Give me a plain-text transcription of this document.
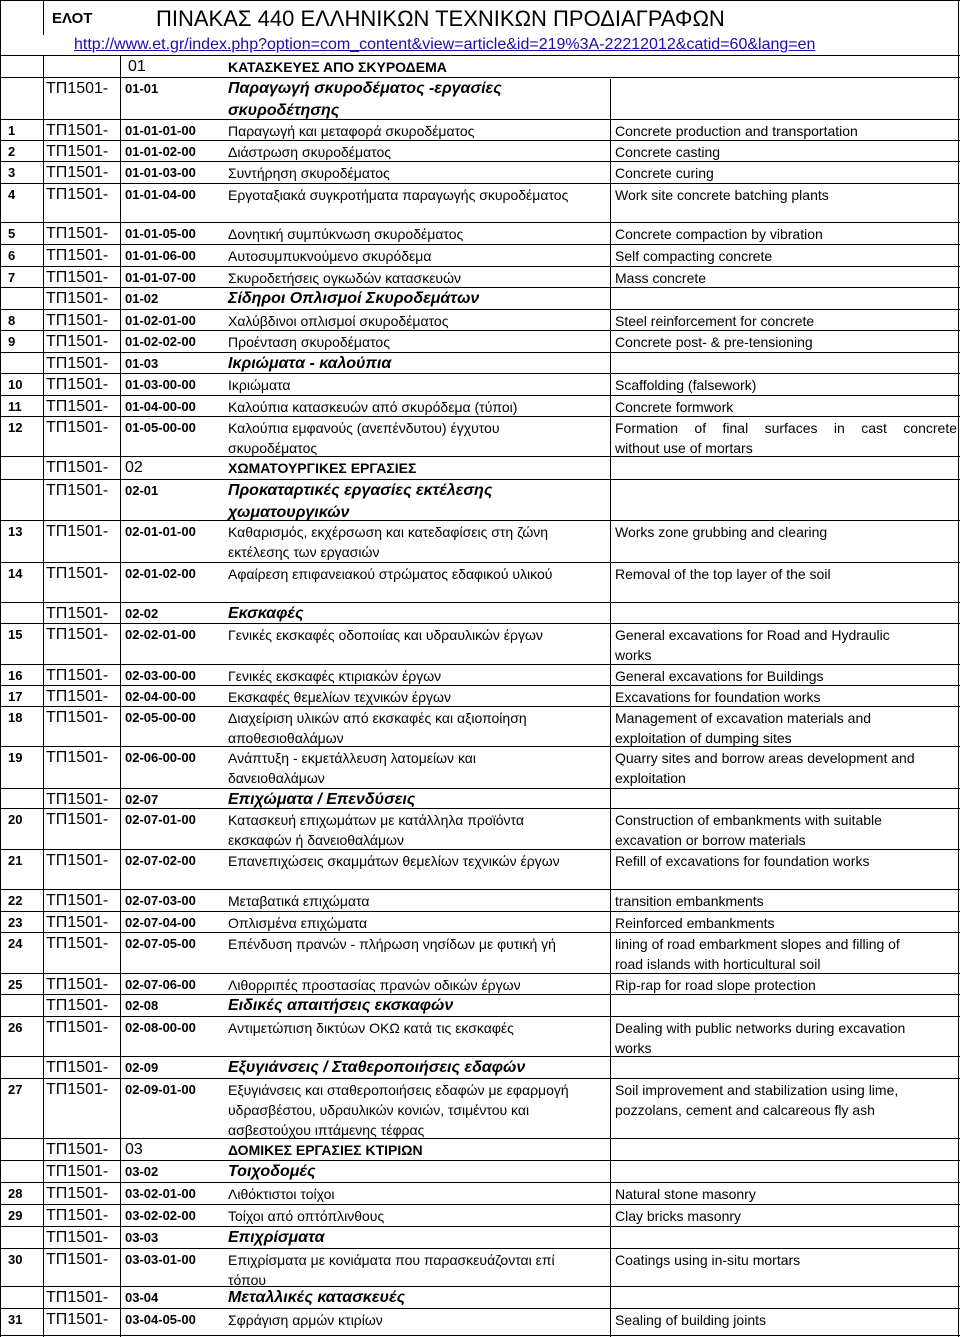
ΕΛΟΤ	ΠΙΝΑΚΑΣ 440 ΕΛΛΗΝΙΚΩΝ ΤΕΧΝΙΚΩΝ ΠΡΟΔΙΑΓΡΑΦΩΝ
http://www.et.gr/index.php?option=com_content&view=article&id=219%3A-22212012&catid=60&lang=en
01	ΚΑΤΑΣΚΕΥΕΣ ΑΠΟ ΣΚΥΡΟΔΕΜΑ
ΤΠ1501- 01-01	Παραγωγή σκυροδέματος -εργασίες
σκυροδέτησης
1 ΤΠ1501- 01-01-01-00 Παραγωγή και μεταφορά σκυροδέματος	Concrete production and transportation
2 ΤΠ1501- 01-01-02-00 Διάστρωση σκυροδέματος	Concrete casting
3 ΤΠ1501- 01-01-03-00 Συντήρηση σκυροδέματος	Concrete curing
4 ΤΠ1501- 01-01-04-00 Εργοταξιακά συγκροτήματα παραγωγής σκυροδέματος	Work site concrete batching plants
5 ΤΠ1501- 01-01-05-00 Δονητική συμπύκνωση σκυροδέματος	Concrete compaction by vibration
6 ΤΠ1501- 01-01-06-00 Αυτοσυμπυκνούμενο σκυρόδεμα	Self compacting concrete
7 ΤΠ1501- 01-01-07-00 Σκυροδετήσεις ογκωδών κατασκευών	Mass concrete
ΤΠ1501- 01-02	Σίδηροι Οπλισμοί Σκυροδεμάτων
8 ΤΠ1501- 01-02-01-00 Χαλύβδινοι οπλισμοί σκυροδέματος	Steel reinforcement for concrete
9 ΤΠ1501- 01-02-02-00 Προένταση σκυροδέματος	Concrete post- & pre-tensioning
ΤΠ1501- 01-03	Ικριώματα - καλούπια
10 ΤΠ1501- 01-03-00-00 Ικριώματα	Scaffolding (falsework)
11 ΤΠ1501- 01-04-00-00 Καλούπια κατασκευών από σκυρόδεμα (τύποι)	Concrete formwork
12 ΤΠ1501- 01-05-00-00 Καλούπια εμφανούς (ανεπένδυτου) έγχυτου
σκυροδέματος
Formation of final surfaces in cast concrete
without use of mortars
ΤΠ1501- 02	ΧΩΜΑΤΟΥΡΓΙΚΕΣ ΕΡΓΑΣΙΕΣ
ΤΠ1501- 02-01	Προκαταρτικές εργασίες εκτέλεσης
χωματουργικών
13 ΤΠ1501- 02-01-01-00 Καθαρισμός, εκχέρσωση και κατεδαφίσεις στη ζώνη
εκτέλεσης των εργασιών
Works zone grubbing and clearing
14 ΤΠ1501- 02-01-02-00 Αφαίρεση επιφανειακού στρώματος εδαφικού υλικού	Removal of the top layer of the soil
ΤΠ1501- 02-02	Εκσκαφές
15 ΤΠ1501- 02-02-01-00 Γενικές εκσκαφές οδοποιίας και υδραυλικών έργων	General excavations for Road and Hydraulic
works
16 ΤΠ1501- 02-03-00-00 Γενικές εκσκαφές κτιριακών έργων	General excavations for Buildings
17 ΤΠ1501- 02-04-00-00 Εκσκαφές θεμελίων τεχνικών έργων	Excavations for foundation works
18 ΤΠ1501- 02-05-00-00 Διαχείριση υλικών από εκσκαφές και αξιοποίηση
αποθεσιοθαλάμων
Management of excavation materials and
exploitation of dumping sites
19 ΤΠ1501- 02-06-00-00 Ανάπτυξη - εκμετάλλευση λατομείων και
δανειοθαλάμων
Quarry sites and borrow areas development and
exploitation
ΤΠ1501- 02-07	Επιχώματα / Επενδύσεις
20 ΤΠ1501- 02-07-01-00 Κατασκευή επιχωμάτων με κατάλληλα προϊόντα
εκσκαφών ή δανειοθαλάμων
Construction of embankments with suitable
excavation or borrow materials
21 ΤΠ1501- 02-07-02-00 Επανεπιχώσεις σκαμμάτων θεμελίων τεχνικών έργων	Refill of excavations for foundation works
22 ΤΠ1501- 02-07-03-00 Μεταβατικά επιχώματα	transition embankments
23 ΤΠ1501- 02-07-04-00 Οπλισμένα επιχώματα	Reinforced embankments
24 ΤΠ1501- 02-07-05-00 Επένδυση πρανών - πλήρωση νησίδων με φυτική γή	lining of road embarkment slopes and filling of
road islands with horticultural soil
25 ΤΠ1501- 02-07-06-00 Λιθορριπές προστασίας πρανών οδικών έργων	Rip-rap for road slope protection
ΤΠ1501- 02-08	Ειδικές απαιτήσεις εκσκαφών
26 ΤΠ1501- 02-08-00-00 Αντιμετώπιση δικτύων ΟΚΩ κατά τις εκσκαφές	Dealing with public networks during excavation
works
ΤΠ1501- 02-09	Εξυγιάνσεις / Σταθεροποιήσεις εδαφών
27 ΤΠ1501- 02-09-01-00 Εξυγιάνσεις και σταθεροποιήσεις εδαφών με εφαρμογή
υδρασβέστου, υδραυλικών κονιών, τσιμέντου και
ασβεστούχου ιπτάμενης τέφρας
Soil improvement and stabilization using lime,
pozzolans, cement and calcareous fly ash
ΤΠ1501- 03	ΔΟΜΙΚΕΣ ΕΡΓΑΣΙΕΣ ΚΤΙΡΙΩΝ
ΤΠ1501- 03-02	Τοιχοδομές
28 ΤΠ1501- 03-02-01-00 Λιθόκτιστοι τοίχοι	Natural stone masonry
29 ΤΠ1501- 03-02-02-00 Τοίχοι από οπτόπλινθους	Clay bricks masonry
ΤΠ1501- 03-03	Επιχρίσματα
30 ΤΠ1501- 03-03-01-00 Επιχρίσματα με κονιάματα που παρασκευάζονται επί
τόπου
Coatings using in-situ mortars
ΤΠ1501- 03-04	Μεταλλικές κατασκευές
31 ΤΠ1501- 03-04-05-00 Σφράγιση αρμών κτιρίων	Sealing of building joints
